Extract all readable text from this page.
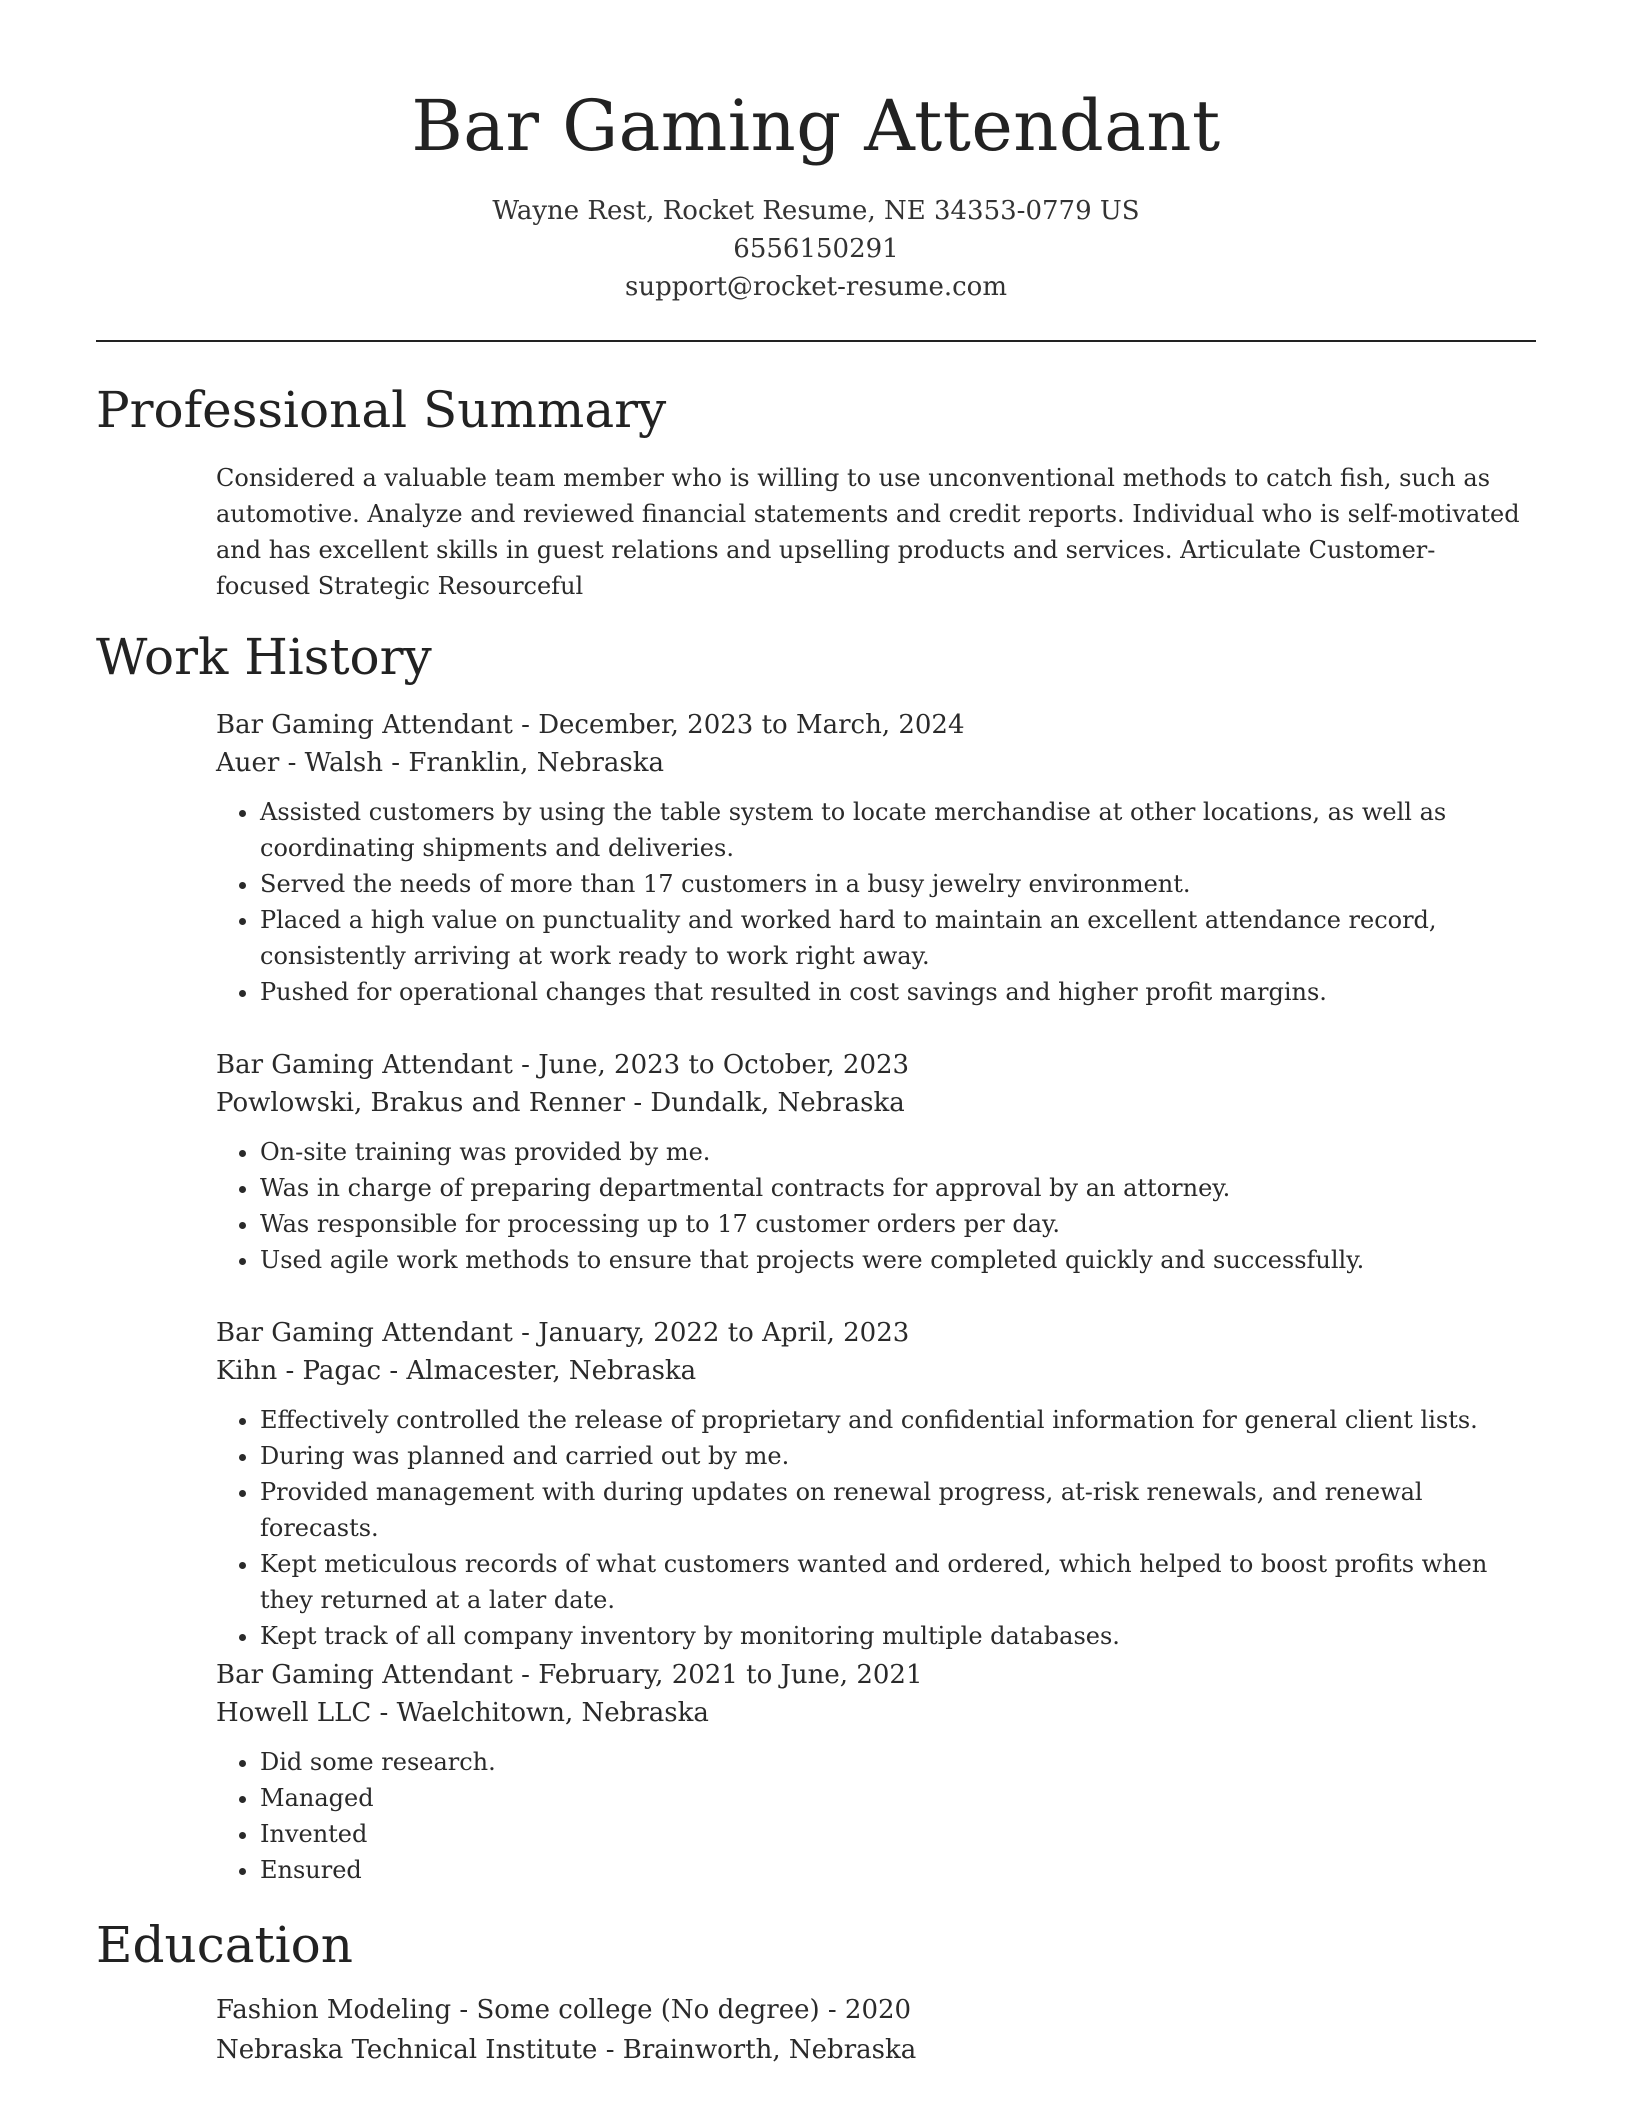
Bar Gaming Attendant
Wayne Rest, Rocket Resume, NE 34353-0779 US
6556150291
support@rocket-resume.com
Professional Summary

Considered a valuable team member who is willing to use unconventional methods to catch fish, such as automotive. Analyze and reviewed financial statements and credit reports. Individual who is self-motivated and has excellent skills in guest relations and upselling products and services. Articulate Customer-focused Strategic Resourceful

Work History
Bar Gaming Attendant - December, 2023 to March, 2024
Auer - Walsh - Franklin, Nebraska
• Assisted customers by using the table system to locate merchandise at other locations, as well as coordinating shipments and deliveries.
• Served the needs of more than 17 customers in a busy jewelry environment.
• Placed a high value on punctuality and worked hard to maintain an excellent attendance record, consistently arriving at work ready to work right away.
• Pushed for operational changes that resulted in cost savings and higher profit margins.
Bar Gaming Attendant - June, 2023 to October, 2023
Powlowski, Brakus and Renner - Dundalk, Nebraska
• On-site training was provided by me.
• Was in charge of preparing departmental contracts for approval by an attorney.
• Was responsible for processing up to 17 customer orders per day.
• Used agile work methods to ensure that projects were completed quickly and successfully.
Bar Gaming Attendant - January, 2022 to April, 2023
Kihn - Pagac - Almacester, Nebraska
• Effectively controlled the release of proprietary and confidential information for general client lists.
• During was planned and carried out by me.
• Provided management with during updates on renewal progress, at-risk renewals, and renewal forecasts.
• Kept meticulous records of what customers wanted and ordered, which helped to boost profits when they returned at a later date.
• Kept track of all company inventory by monitoring multiple databases.
Bar Gaming Attendant - February, 2021 to June, 2021
Howell LLC - Waelchitown, Nebraska
• Did some research.
• Managed
• Invented
• Ensured
Education
Fashion Modeling - Some college (No degree) - 2020
Nebraska Technical Institute - Brainworth, Nebraska
